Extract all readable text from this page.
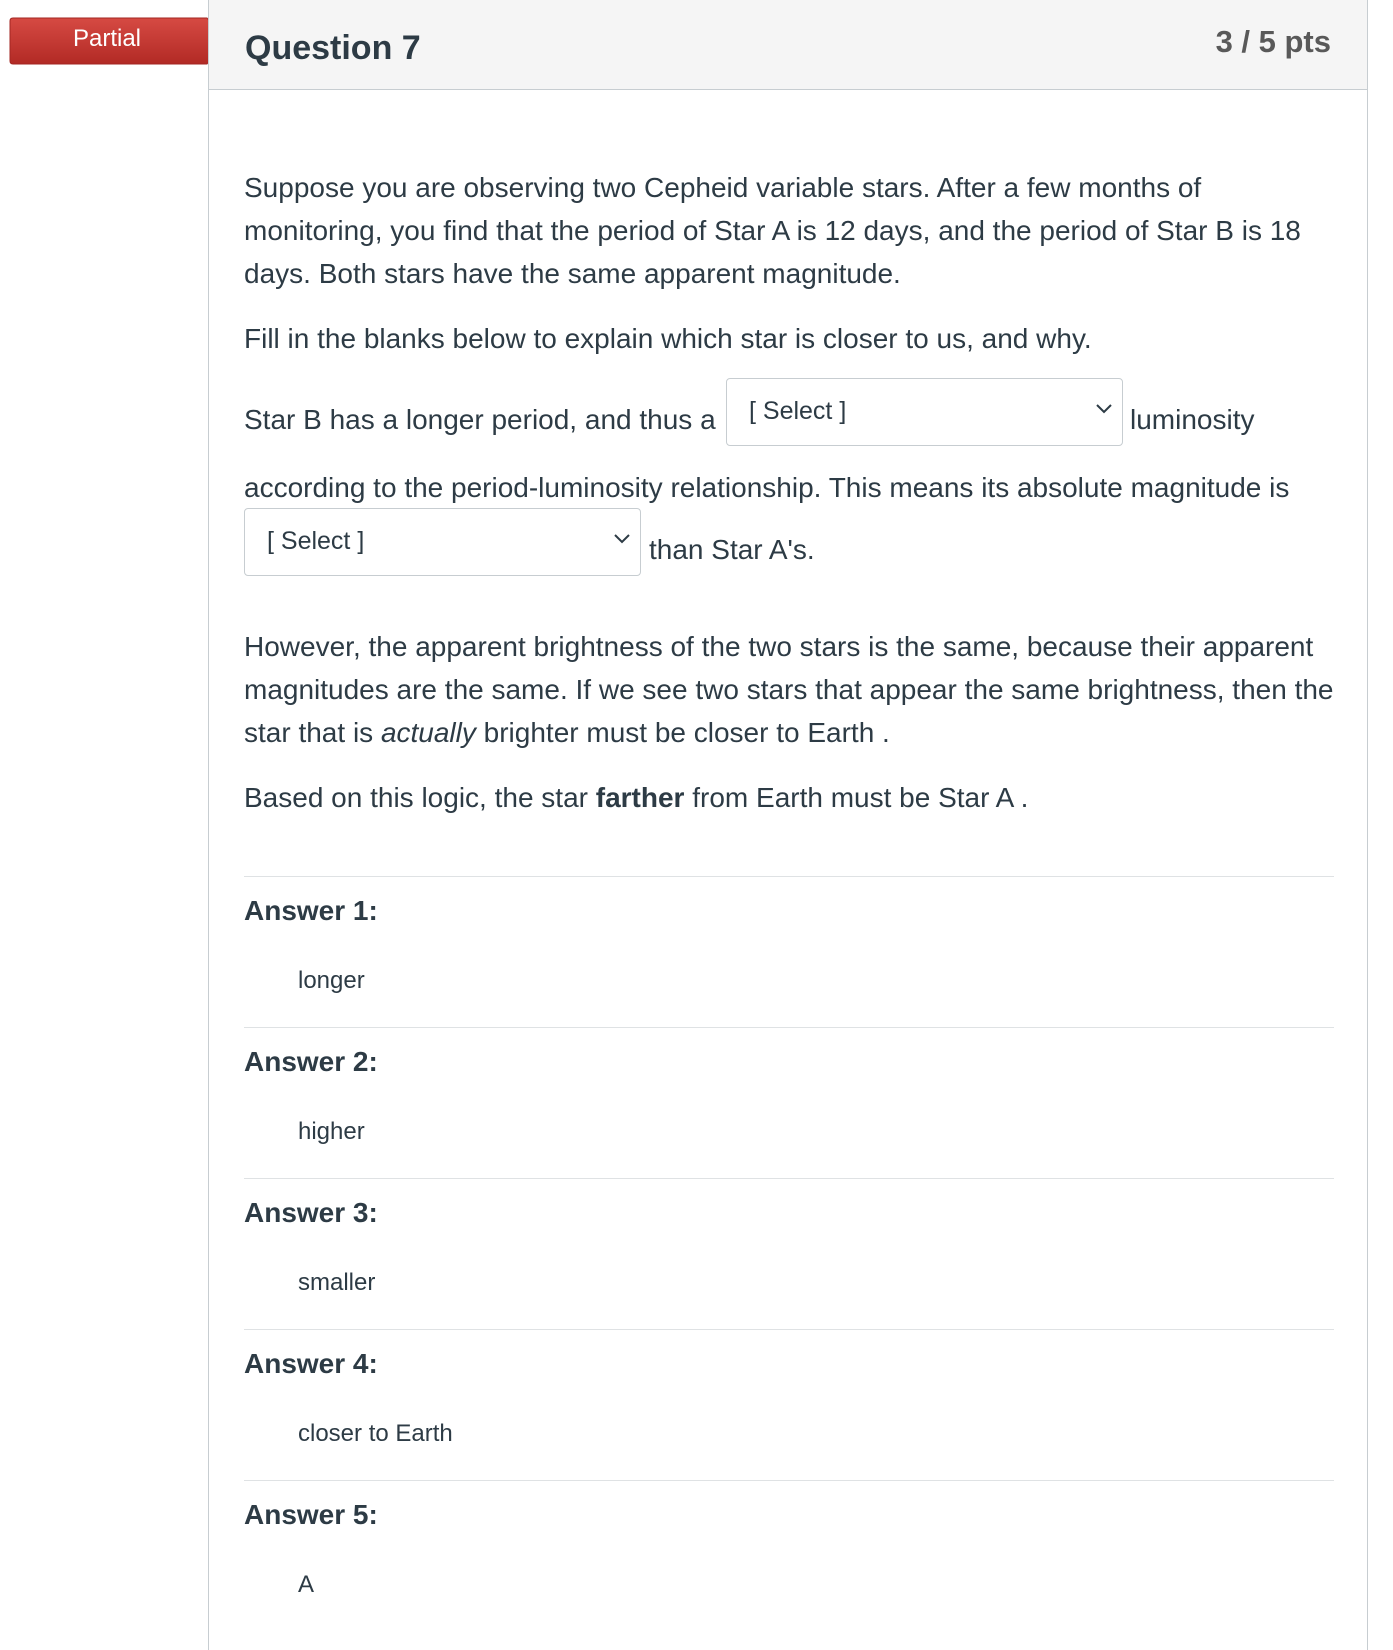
Partial	Question 7	3 / 5 pts

Suppose you are observing two Cepheid variable stars. After a few months of monitoring, you find that the period of Star A is 12 days, and the period of Star B is 18 days. Both stars have the same apparent magnitude.

Fill in the blanks below to explain which star is closer to us, and why.

Star B has a longer period, and thus a [ Select ]	luminosity
according to the period-luminosity relationship. This means its absolute magnitude is
[ Select ]	than Star A's.

However, the apparent brightness of the two stars is the same, because their apparent magnitudes are the same. If we see two stars that appear the same brightness, then the star that is actually brighter must be closer to Earth .

Based on this logic, the star farther from Earth must be Star A .

Answer 1:
longer
Answer 2:
higher
Answer 3:
smaller
Answer 4:
closer to Earth
Answer 5:
A
